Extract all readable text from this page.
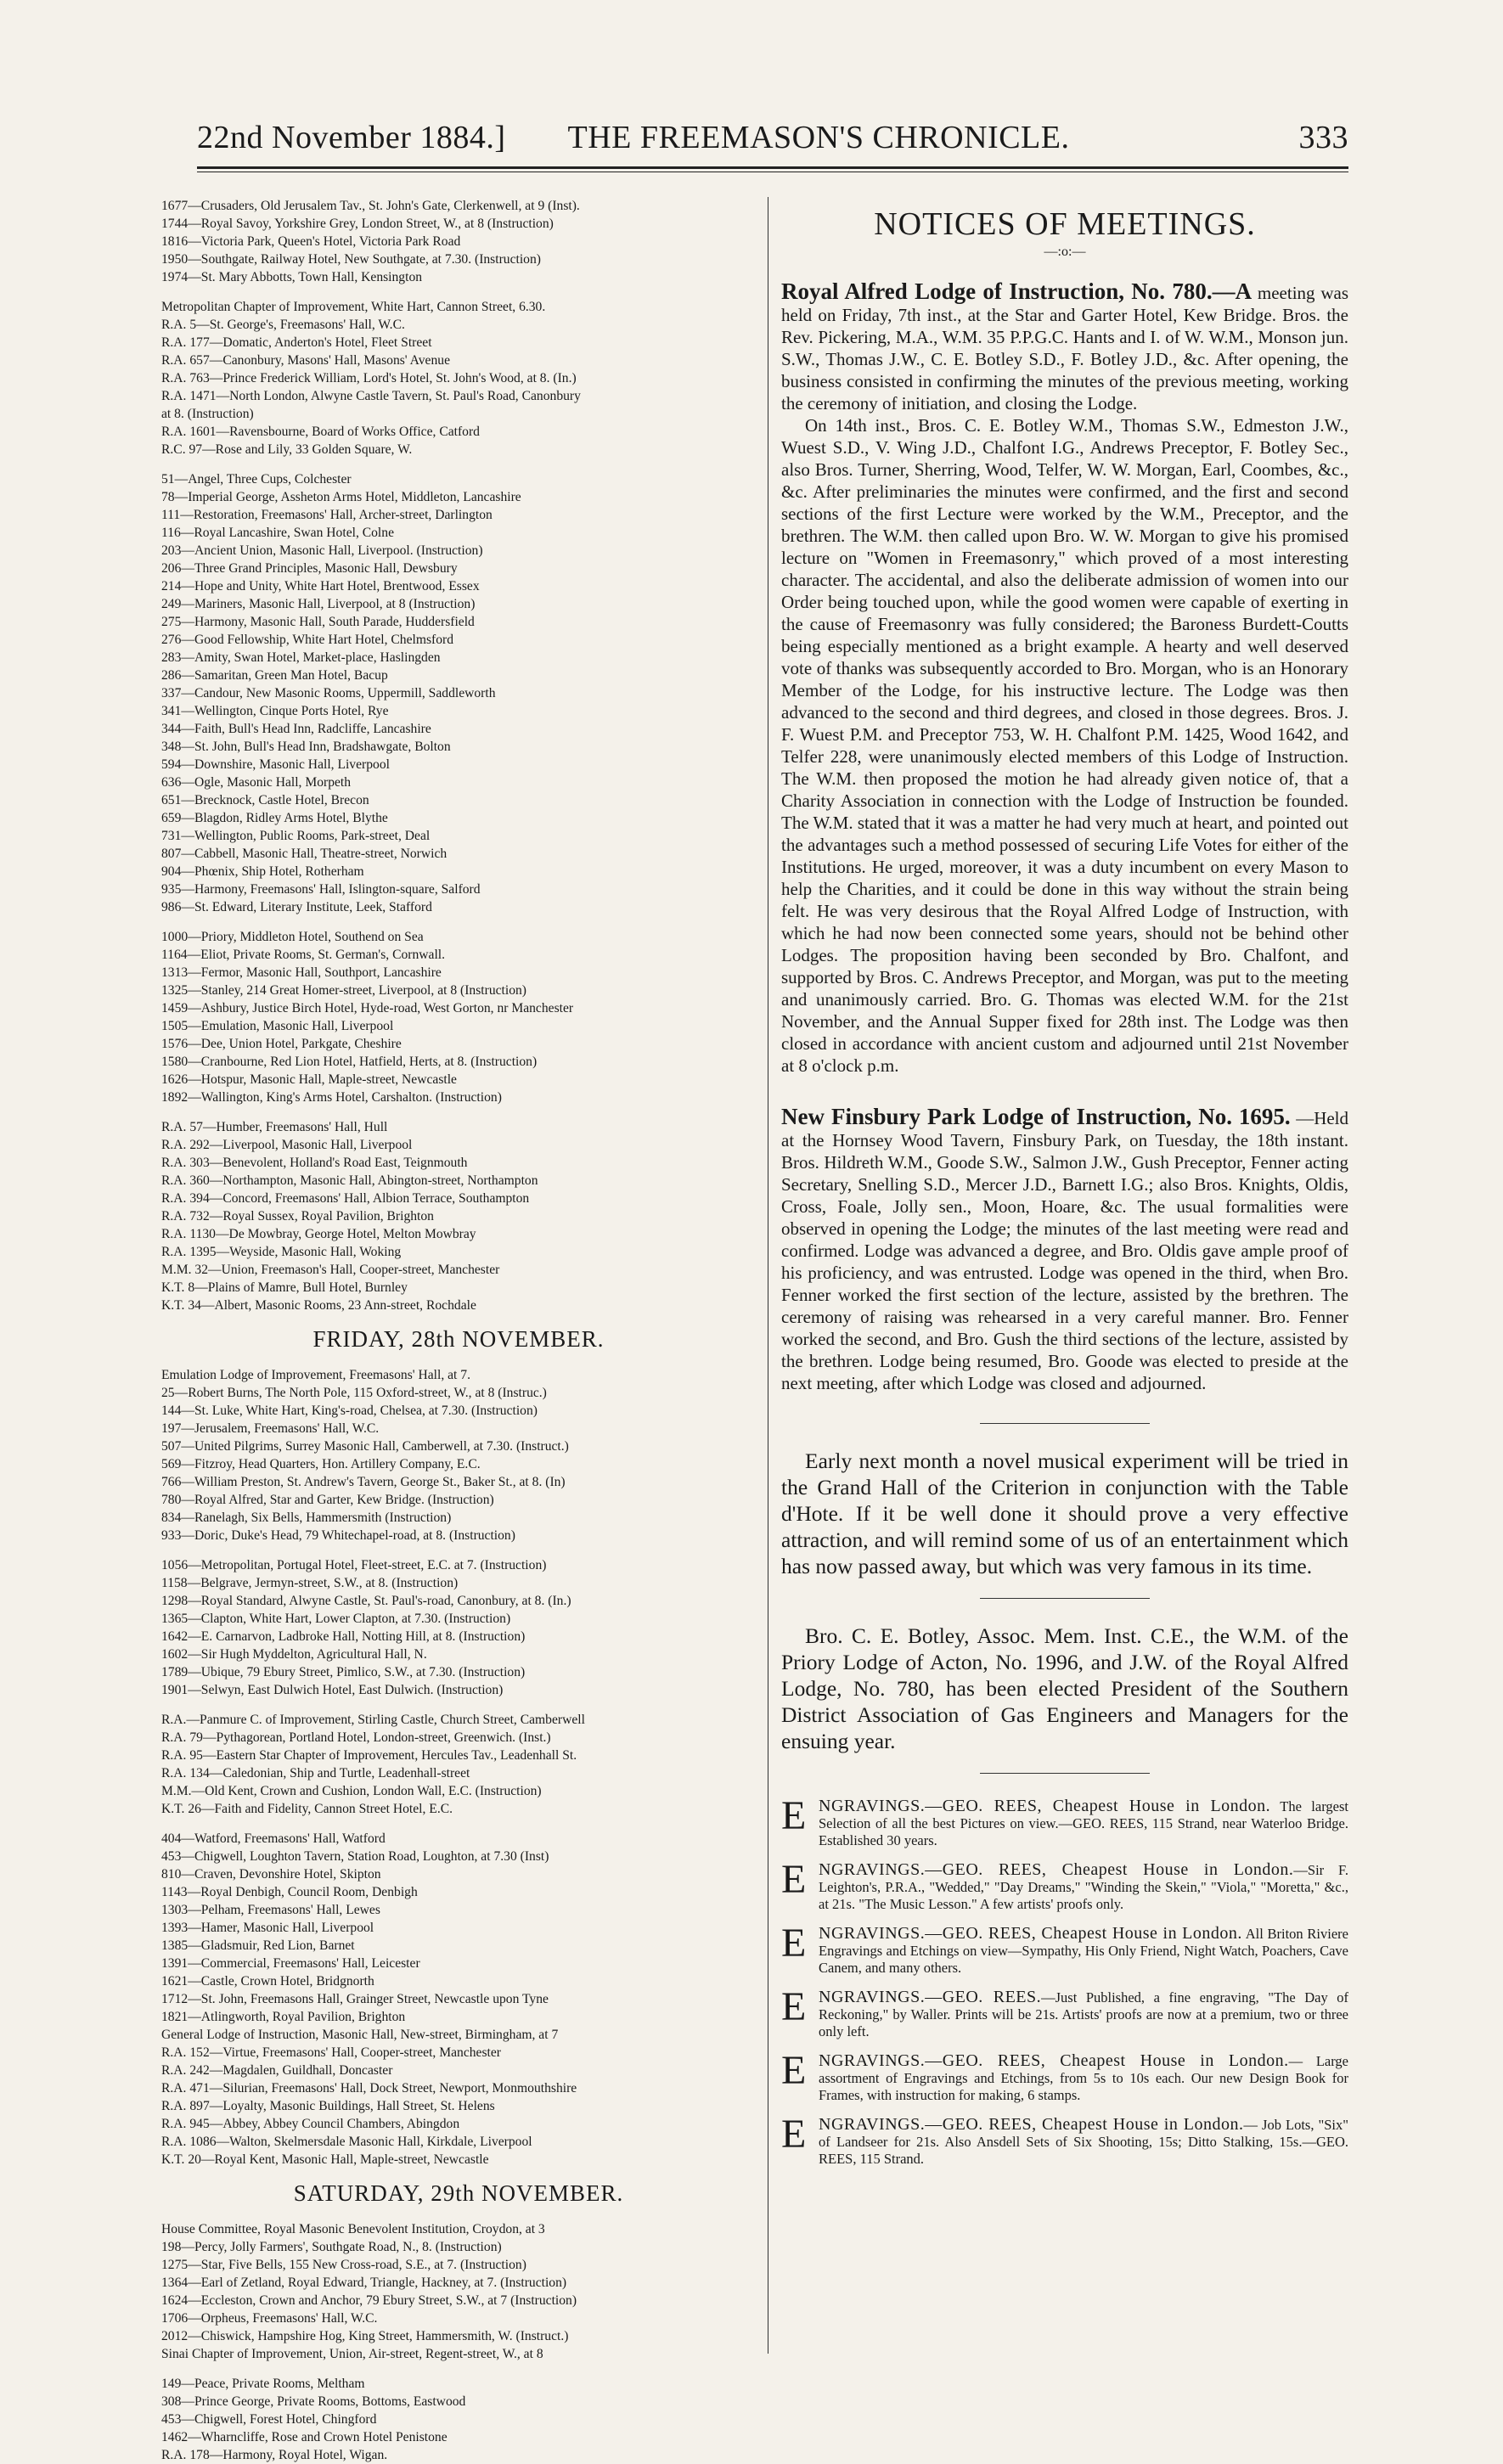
22nd November 1884.]	THE FREEMASON'S CHRONICLE.	333
1677—Crusaders, Old Jerusalem Tav., St. John's Gate, Clerkenwell, at 9 (Inst).
1744—Royal Savoy, Yorkshire Grey, London Street, W., at 8 (Instruction)
1816—Victoria Park, Queen's Hotel, Victoria Park Road
1950—Southgate, Railway Hotel, New Southgate, at 7.30. (Instruction)
1974—St. Mary Abbotts, Town Hall, Kensington
Metropolitan Chapter of Improvement, White Hart, Cannon Street, 6.30.
R.A. 5—St. George's, Freemasons' Hall, W.C.
R.A. 177—Domatic, Anderton's Hotel, Fleet Street
R.A. 657—Canonbury, Masons' Hall, Masons' Avenue
R.A. 763—Prince Frederick William, Lord's Hotel, St. John's Wood, at 8. (In.)
R.A. 1471—North London, Alwyne Castle Tavern, St. Paul's Road, Canonbury
at 8. (Instruction)
R.A. 1601—Ravensbourne, Board of Works Office, Catford
R.C. 97—Rose and Lily, 33 Golden Square, W.
51—Angel, Three Cups, Colchester
78—Imperial George, Assheton Arms Hotel, Middleton, Lancashire
111—Restoration, Freemasons' Hall, Archer-street, Darlington
116—Royal Lancashire, Swan Hotel, Colne
203—Ancient Union, Masonic Hall, Liverpool. (Instruction)
206—Three Grand Principles, Masonic Hall, Dewsbury
214—Hope and Unity, White Hart Hotel, Brentwood, Essex
249—Mariners, Masonic Hall, Liverpool, at 8 (Instruction)
275—Harmony, Masonic Hall, South Parade, Huddersfield
276—Good Fellowship, White Hart Hotel, Chelmsford
283—Amity, Swan Hotel, Market-place, Haslingden
286—Samaritan, Green Man Hotel, Bacup
337—Candour, New Masonic Rooms, Uppermill, Saddleworth
341—Wellington, Cinque Ports Hotel, Rye
344—Faith, Bull's Head Inn, Radcliffe, Lancashire
348—St. John, Bull's Head Inn, Bradshawgate, Bolton
594—Downshire, Masonic Hall, Liverpool
636—Ogle, Masonic Hall, Morpeth
651—Brecknock, Castle Hotel, Brecon
659—Blagdon, Ridley Arms Hotel, Blythe
731—Wellington, Public Rooms, Park-street, Deal
807—Cabbell, Masonic Hall, Theatre-street, Norwich
904—Phœnix, Ship Hotel, Rotherham
935—Harmony, Freemasons' Hall, Islington-square, Salford
986—St. Edward, Literary Institute, Leek, Stafford
1000—Priory, Middleton Hotel, Southend on Sea
1164—Eliot, Private Rooms, St. German's, Cornwall.
1313—Fermor, Masonic Hall, Southport, Lancashire
1325—Stanley, 214 Great Homer-street, Liverpool, at 8 (Instruction)
1459—Ashbury, Justice Birch Hotel, Hyde-road, West Gorton, nr Manchester
1505—Emulation, Masonic Hall, Liverpool
1576—Dee, Union Hotel, Parkgate, Cheshire
1580—Cranbourne, Red Lion Hotel, Hatfield, Herts, at 8. (Instruction)
1626—Hotspur, Masonic Hall, Maple-street, Newcastle
1892—Wallington, King's Arms Hotel, Carshalton. (Instruction)
R.A. 57—Humber, Freemasons' Hall, Hull
R.A. 292—Liverpool, Masonic Hall, Liverpool
R.A. 303—Benevolent, Holland's Road East, Teignmouth
R.A. 360—Northampton, Masonic Hall, Abington-street, Northampton
R.A. 394—Concord, Freemasons' Hall, Albion Terrace, Southampton
R.A. 732—Royal Sussex, Royal Pavilion, Brighton
R.A. 1130—De Mowbray, George Hotel, Melton Mowbray
R.A. 1395—Weyside, Masonic Hall, Woking
M.M. 32—Union, Freemason's Hall, Cooper-street, Manchester
K.T. 8—Plains of Mamre, Bull Hotel, Burnley
K.T. 34—Albert, Masonic Rooms, 23 Ann-street, Rochdale
FRIDAY, 28th NOVEMBER.
Emulation Lodge of Improvement, Freemasons' Hall, at 7.
25—Robert Burns, The North Pole, 115 Oxford-street, W., at 8 (Instruc.)
144—St. Luke, White Hart, King's-road, Chelsea, at 7.30. (Instruction)
197—Jerusalem, Freemasons' Hall, W.C.
507—United Pilgrims, Surrey Masonic Hall, Camberwell, at 7.30. (Instruct.)
569—Fitzroy, Head Quarters, Hon. Artillery Company, E.C.
766—William Preston, St. Andrew's Tavern, George St., Baker St., at 8. (In)
780—Royal Alfred, Star and Garter, Kew Bridge. (Instruction)
834—Ranelagh, Six Bells, Hammersmith (Instruction)
933—Doric, Duke's Head, 79 Whitechapel-road, at 8. (Instruction)
1056—Metropolitan, Portugal Hotel, Fleet-street, E.C. at 7. (Instruction)
1158—Belgrave, Jermyn-street, S.W., at 8. (Instruction)
1298—Royal Standard, Alwyne Castle, St. Paul's-road, Canonbury, at 8. (In.)
1365—Clapton, White Hart, Lower Clapton, at 7.30. (Instruction)
1642—E. Carnarvon, Ladbroke Hall, Notting Hill, at 8. (Instruction)
1602—Sir Hugh Myddelton, Agricultural Hall, N.
1789—Ubique, 79 Ebury Street, Pimlico, S.W., at 7.30. (Instruction)
1901—Selwyn, East Dulwich Hotel, East Dulwich. (Instruction)
R.A.—Panmure C. of Improvement, Stirling Castle, Church Street, Camberwell
R.A. 79—Pythagorean, Portland Hotel, London-street, Greenwich. (Inst.)
R.A. 95—Eastern Star Chapter of Improvement, Hercules Tav., Leadenhall St.
R.A. 134—Caledonian, Ship and Turtle, Leadenhall-street
M.M.—Old Kent, Crown and Cushion, London Wall, E.C. (Instruction)
K.T. 26—Faith and Fidelity, Cannon Street Hotel, E.C.
404—Watford, Freemasons' Hall, Watford
453—Chigwell, Loughton Tavern, Station Road, Loughton, at 7.30 (Inst)
810—Craven, Devonshire Hotel, Skipton
1143—Royal Denbigh, Council Room, Denbigh
1303—Pelham, Freemasons' Hall, Lewes
1393—Hamer, Masonic Hall, Liverpool
1385—Gladsmuir, Red Lion, Barnet
1391—Commercial, Freemasons' Hall, Leicester
1621—Castle, Crown Hotel, Bridgnorth
1712—St. John, Freemasons Hall, Grainger Street, Newcastle upon Tyne
1821—Atlingworth, Royal Pavilion, Brighton
General Lodge of Instruction, Masonic Hall, New-street, Birmingham, at 7
R.A. 152—Virtue, Freemasons' Hall, Cooper-street, Manchester
R.A. 242—Magdalen, Guildhall, Doncaster
R.A. 471—Silurian, Freemasons' Hall, Dock Street, Newport, Monmouthshire
R.A. 897—Loyalty, Masonic Buildings, Hall Street, St. Helens
R.A. 945—Abbey, Abbey Council Chambers, Abingdon
R.A. 1086—Walton, Skelmersdale Masonic Hall, Kirkdale, Liverpool
K.T. 20—Royal Kent, Masonic Hall, Maple-street, Newcastle
SATURDAY, 29th NOVEMBER.
House Committee, Royal Masonic Benevolent Institution, Croydon, at 3
198—Percy, Jolly Farmers', Southgate Road, N., 8. (Instruction)
1275—Star, Five Bells, 155 New Cross-road, S.E., at 7. (Instruction)
1364—Earl of Zetland, Royal Edward, Triangle, Hackney, at 7. (Instruction)
1624—Eccleston, Crown and Anchor, 79 Ebury Street, S.W., at 7 (Instruction)
1706—Orpheus, Freemasons' Hall, W.C.
2012—Chiswick, Hampshire Hog, King Street, Hammersmith, W. (Instruct.)
Sinai Chapter of Improvement, Union, Air-street, Regent-street, W., at 8
149—Peace, Private Rooms, Meltham
308—Prince George, Private Rooms, Bottoms, Eastwood
453—Chigwell, Forest Hotel, Chingford
1462—Wharncliffe, Rose and Crown Hotel Penistone
R.A. 178—Harmony, Royal Hotel, Wigan.
NOTICES OF MEETINGS.
—:o:—

Royal Alfred Lodge of Instruction, No. 780.—A meeting was held on Friday, 7th inst., at the Star and Garter Hotel, Kew Bridge. Bros. the Rev. Pickering, M.A., W.M. 35 P.P.G.C. Hants and I. of W. W.M., Monson jun. S.W., Thomas J.W., C. E. Botley S.D., F. Botley J.D., &c. After opening, the business consisted in confirming the minutes of the previous meeting, working the ceremony of initiation, and closing the Lodge.

On 14th inst., Bros. C. E. Botley W.M., Thomas S.W., Edmeston J.W., Wuest S.D., V. Wing J.D., Chalfont I.G., Andrews Preceptor, F. Botley Sec., also Bros. Turner, Sherring, Wood, Telfer, W. W. Morgan, Earl, Coombes, &c., &c. After preliminaries the minutes were confirmed, and the first and second sections of the first Lecture were worked by the W.M., Preceptor, and the brethren. The W.M. then called upon Bro. W. W. Morgan to give his promised lecture on "Women in Freemasonry," which proved of a most interesting character. The accidental, and also the deliberate admission of women into our Order being touched upon, while the good women were capable of exerting in the cause of Freemasonry was fully considered; the Baroness Burdett-Coutts being especially mentioned as a bright example. A hearty and well deserved vote of thanks was subsequently accorded to Bro. Morgan, who is an Honorary Member of the Lodge, for his instructive lecture. The Lodge was then advanced to the second and third degrees, and closed in those degrees. Bros. J. F. Wuest P.M. and Preceptor 753, W. H. Chalfont P.M. 1425, Wood 1642, and Telfer 228, were unanimously elected members of this Lodge of Instruction. The W.M. then proposed the motion he had already given notice of, that a Charity Association in connection with the Lodge of Instruction be founded. The W.M. stated that it was a matter he had very much at heart, and pointed out the advantages such a method possessed of securing Life Votes for either of the Institutions. He urged, moreover, it was a duty incumbent on every Mason to help the Charities, and it could be done in this way without the strain being felt. He was very desirous that the Royal Alfred Lodge of Instruction, with which he had now been connected some years, should not be behind other Lodges. The proposition having been seconded by Bro. Chalfont, and supported by Bros. C. Andrews Preceptor, and Morgan, was put to the meeting and unanimously carried. Bro. G. Thomas was elected W.M. for the 21st November, and the Annual Supper fixed for 28th inst. The Lodge was then closed in accordance with ancient custom and adjourned until 21st November at 8 o'clock p.m.

New Finsbury Park Lodge of Instruction, No. 1695. —Held at the Hornsey Wood Tavern, Finsbury Park, on Tuesday, the 18th instant. Bros. Hildreth W.M., Goode S.W., Salmon J.W., Gush Preceptor, Fenner acting Secretary, Snelling S.D., Mercer J.D., Barnett I.G.; also Bros. Knights, Oldis, Cross, Foale, Jolly sen., Moon, Hoare, &c. The usual formalities were observed in opening the Lodge; the minutes of the last meeting were read and confirmed. Lodge was advanced a degree, and Bro. Oldis gave ample proof of his proficiency, and was entrusted. Lodge was opened in the third, when Bro. Fenner worked the first section of the lecture, assisted by the brethren. The ceremony of raising was rehearsed in a very careful manner. Bro. Fenner worked the second, and Bro. Gush the third sections of the lecture, assisted by the brethren. Lodge being resumed, Bro. Goode was elected to preside at the next meeting, after which Lodge was closed and adjourned.

Early next month a novel musical experiment will be tried in the Grand Hall of the Criterion in conjunction with the Table d'Hote. If it be well done it should prove a very effective attraction, and will remind some of us of an entertainment which has now passed away, but which was very famous in its time.

Bro. C. E. Botley, Assoc. Mem. Inst. C.E., the W.M. of the Priory Lodge of Acton, No. 1996, and J.W. of the Royal Alfred Lodge, No. 780, has been elected President of the Southern District Association of Gas Engineers and Managers for the ensuing year.

E NGRAVINGS.—GEO. REES, Cheapest House in London. The largest Selection of all the best Pictures on view.—GEO. REES, 115 Strand, near Waterloo Bridge. Established 30 years.
E NGRAVINGS.—GEO. REES, Cheapest House in London.—Sir F. Leighton's, P.R.A., "Wedded," "Day Dreams," "Winding the Skein," "Viola," "Moretta," &c., at 21s. "The Music Lesson." A few artists' proofs only.
E NGRAVINGS.—GEO. REES, Cheapest House in London. All Briton Riviere Engravings and Etchings on view—Sympathy, His Only Friend, Night Watch, Poachers, Cave Canem, and many others.
E NGRAVINGS.—GEO. REES.—Just Published, a fine engraving, "The Day of Reckoning," by Waller. Prints will be 21s. Artists' proofs are now at a premium, two or three only left.
E NGRAVINGS.—GEO. REES, Cheapest House in London.— Large assortment of Engravings and Etchings, from 5s to 10s each. Our new Design Book for Frames, with instruction for making, 6 stamps.
E NGRAVINGS.—GEO. REES, Cheapest House in London.— Job Lots, "Six" of Landseer for 21s. Also Ansdell Sets of Six Shooting, 15s; Ditto Stalking, 15s.—GEO. REES, 115 Strand.
